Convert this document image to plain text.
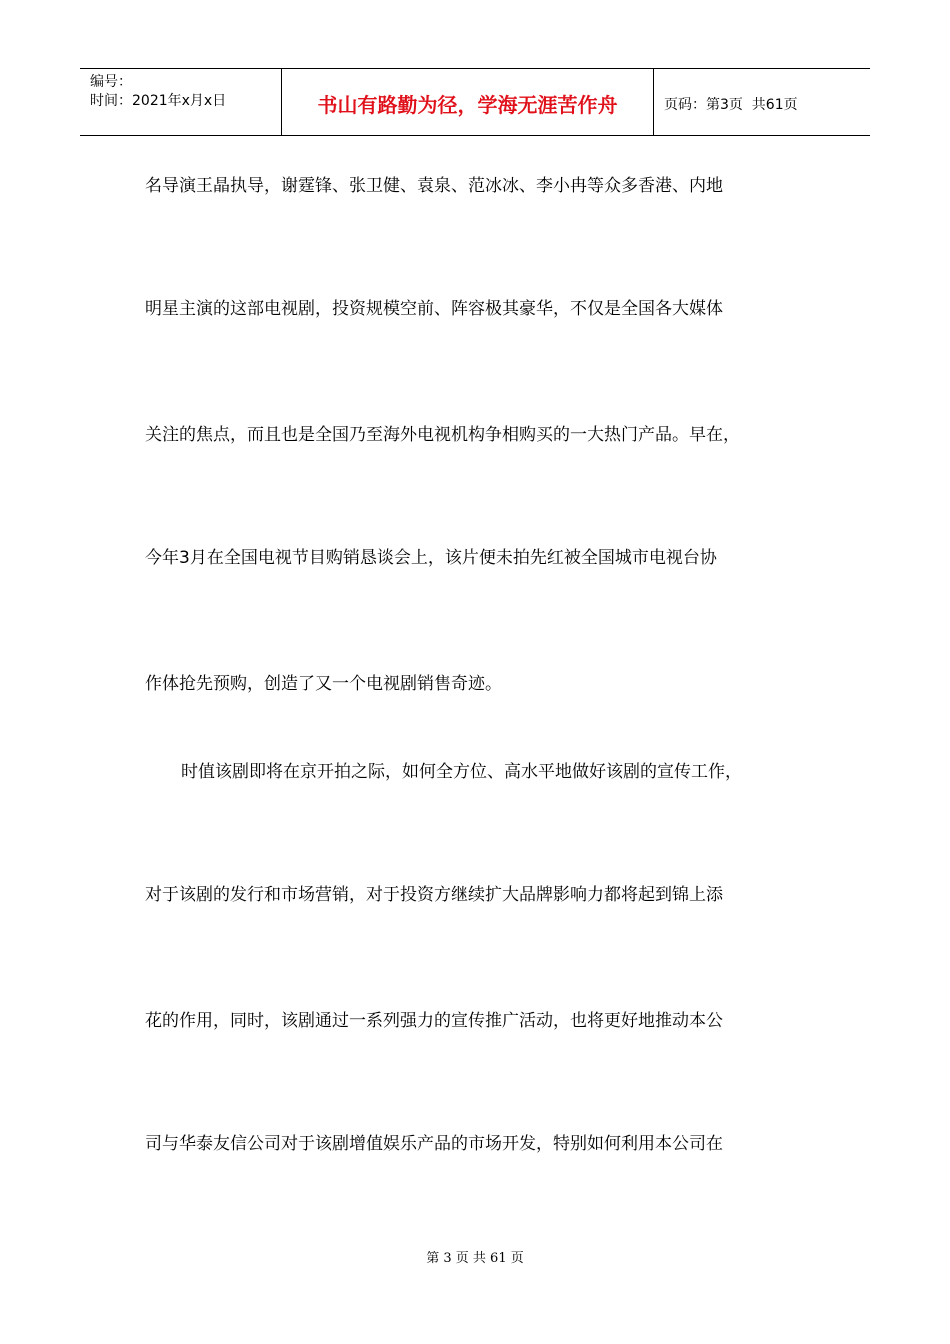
编号：
时间：2021年x月x日	书山有路勤为径，学海无涯苦作舟	页码：第3页  共61页
名导演王晶执导，谢霆锋、张卫健、袁泉、范冰冰、李小冉等众多香港、内地
明星主演的这部电视剧，投资规模空前、阵容极其豪华，不仅是全国各大媒体
关注的焦点，而且也是全国乃至海外电视机构争相购买的一大热门产品。早在，
今年3月在全国电视节目购销恳谈会上，该片便未拍先红被全国城市电视台协
作体抢先预购，创造了又一个电视剧销售奇迹。
时值该剧即将在京开拍之际，如何全方位、高水平地做好该剧的宣传工作，
对于该剧的发行和市场营销，对于投资方继续扩大品牌影响力都将起到锦上添
花的作用，同时，该剧通过一系列强力的宣传推广活动，也将更好地推动本公
司与华泰友信公司对于该剧增值娱乐产品的市场开发，特别如何利用本公司在
第 3 页 共 61 页
